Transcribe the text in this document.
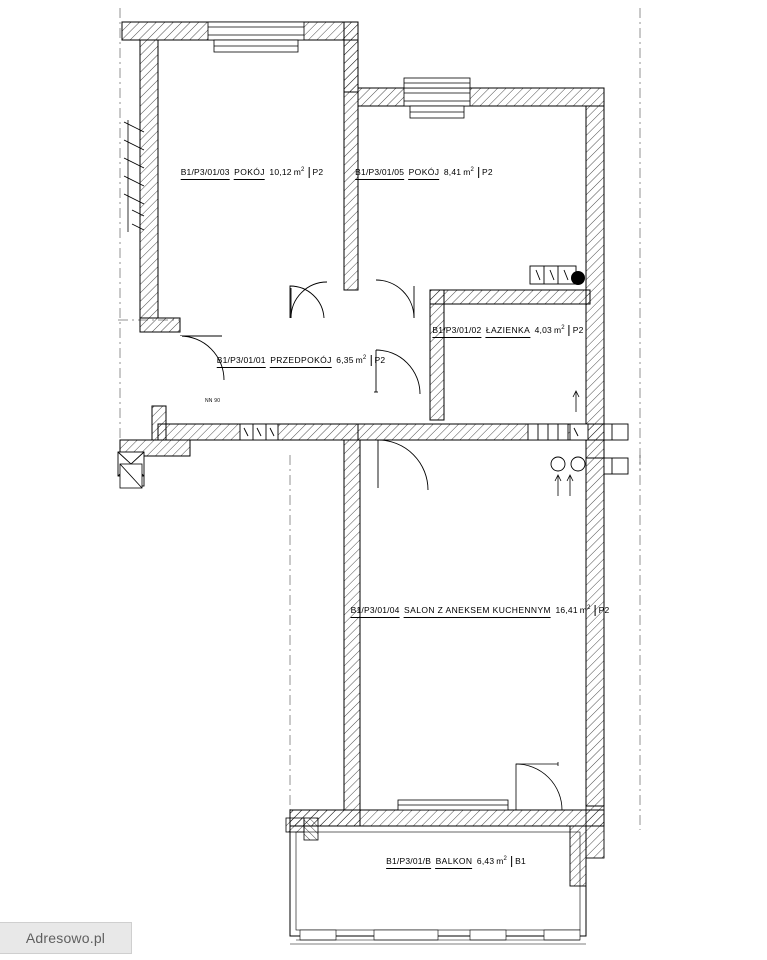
B1/P3/01/03 POKÓJ 10,12 $m^2$ P2	B1/P3/01/05 POKÓJ 8,41 $m^2$ P2
B1/P3/01/02 ŁAZIENKA 4,03 $m^2$ P2
B1/P3/01/01 PRZEDPOKÓJ 6,35 $m^2$ P2
B1/P3/01/04 SALON Z ANEKSEM KUCHENNYM 16,41 $m^2$ P2
B1/P3/01/B BALKON 6,43 $m^2$ B1
NN 90
Adresowo.pl
